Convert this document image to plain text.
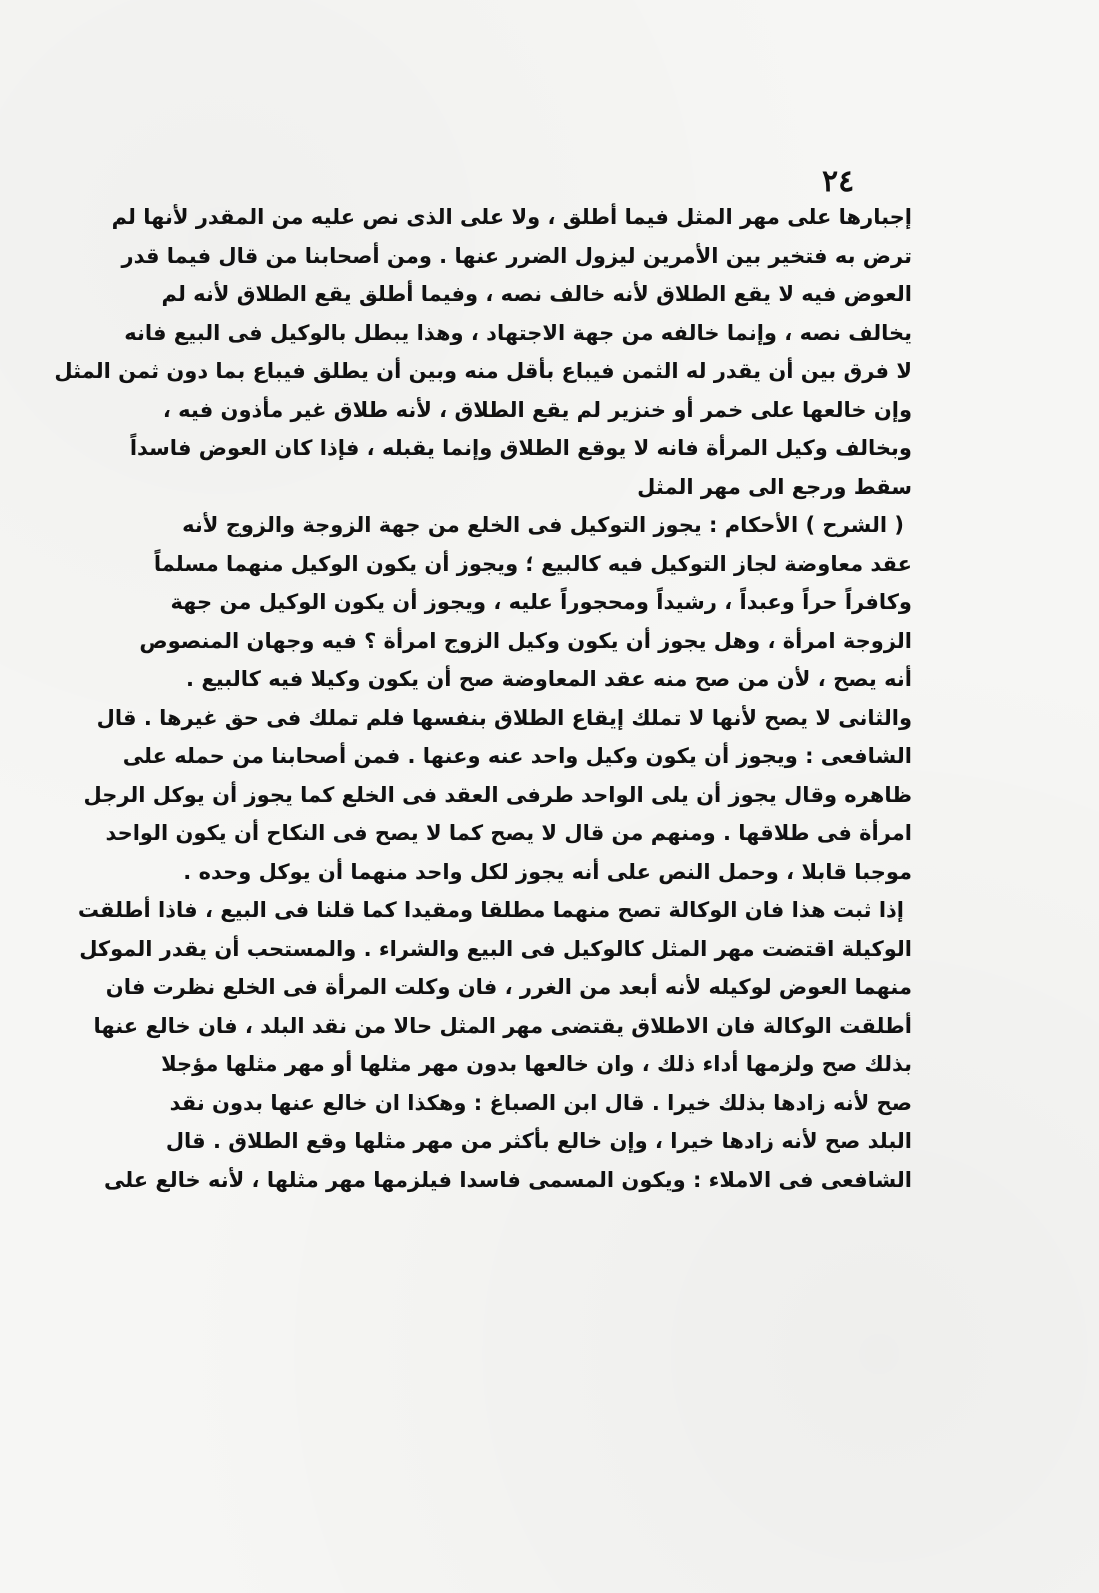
٢٤
إجبارها على مهر المثل فيما أطلق ، ولا على الذى نص عليه من المقدر لأنها لم
ترض به فتخير بين الأمرين ليزول الضرر عنها . ومن أصحابنا من قال فيما قدر
العوض فيه لا يقع الطلاق لأنه خالف نصه ، وفيما أطلق يقع الطلاق لأنه لم
يخالف نصه ، وإنما خالفه من جهة الاجتهاد ، وهذا يبطل بالوكيل فى البيع فانه
لا فرق بين أن يقدر له الثمن فيباع بأقل منه وبين أن يطلق فيباع بما دون ثمن المثل
وإن خالعها على خمر أو خنزير لم يقع الطلاق ، لأنه طلاق غير مأذون فيه ،
وبخالف وكيل المرأة فانه لا يوقع الطلاق وإنما يقبله ، فإذا كان العوض فاسداً
سقط ورجع الى مهر المثل
( الشرح ) الأحكام : يجوز التوكيل فى الخلع من جهة الزوجة والزوج لأنه
عقد معاوضة لجاز التوكيل فيه كالبيع ؛ ويجوز أن يكون الوكيل منهما مسلماً
وكافراً حراً وعبداً ، رشيداً ومحجوراً عليه ، ويجوز أن يكون الوكيل من جهة
الزوجة امرأة ، وهل يجوز أن يكون وكيل الزوج امرأة ؟ فيه وجهان المنصوص
أنه يصح ، لأن من صح منه عقد المعاوضة صح أن يكون وكيلا فيه كالبيع .
والثانى لا يصح لأنها لا تملك إيقاع الطلاق بنفسها فلم تملك فى حق غيرها . قال
الشافعى : ويجوز أن يكون وكيل واحد عنه وعنها . فمن أصحابنا من حمله على
ظاهره وقال يجوز أن يلى الواحد طرفى العقد فى الخلع كما يجوز أن يوكل الرجل
امرأة فى طلاقها . ومنهم من قال لا يصح كما لا يصح فى النكاح أن يكون الواحد
موجبا قابلا ، وحمل النص على أنه يجوز لكل واحد منهما أن يوكل وحده .
إذا ثبت هذا فان الوكالة تصح منهما مطلقا ومقيدا كما قلنا فى البيع ، فاذا أطلقت
الوكيلة اقتضت مهر المثل كالوكيل فى البيع والشراء . والمستحب أن يقدر الموكل
منهما العوض لوكيله لأنه أبعد من الغرر ، فان وكلت المرأة فى الخلع نظرت فان
أطلقت الوكالة فان الاطلاق يقتضى مهر المثل حالا من نقد البلد ، فان خالع عنها
بذلك صح ولزمها أداء ذلك ، وان خالعها بدون مهر مثلها أو مهر مثلها مؤجلا
صح لأنه زادها بذلك خيرا . قال ابن الصباغ : وهكذا ان خالع عنها بدون نقد
البلد صح لأنه زادها خيرا ، وإن خالع بأكثر من مهر مثلها وقع الطلاق . قال
الشافعى فى الاملاء : ويكون المسمى فاسدا فيلزمها مهر مثلها ، لأنه خالع على
